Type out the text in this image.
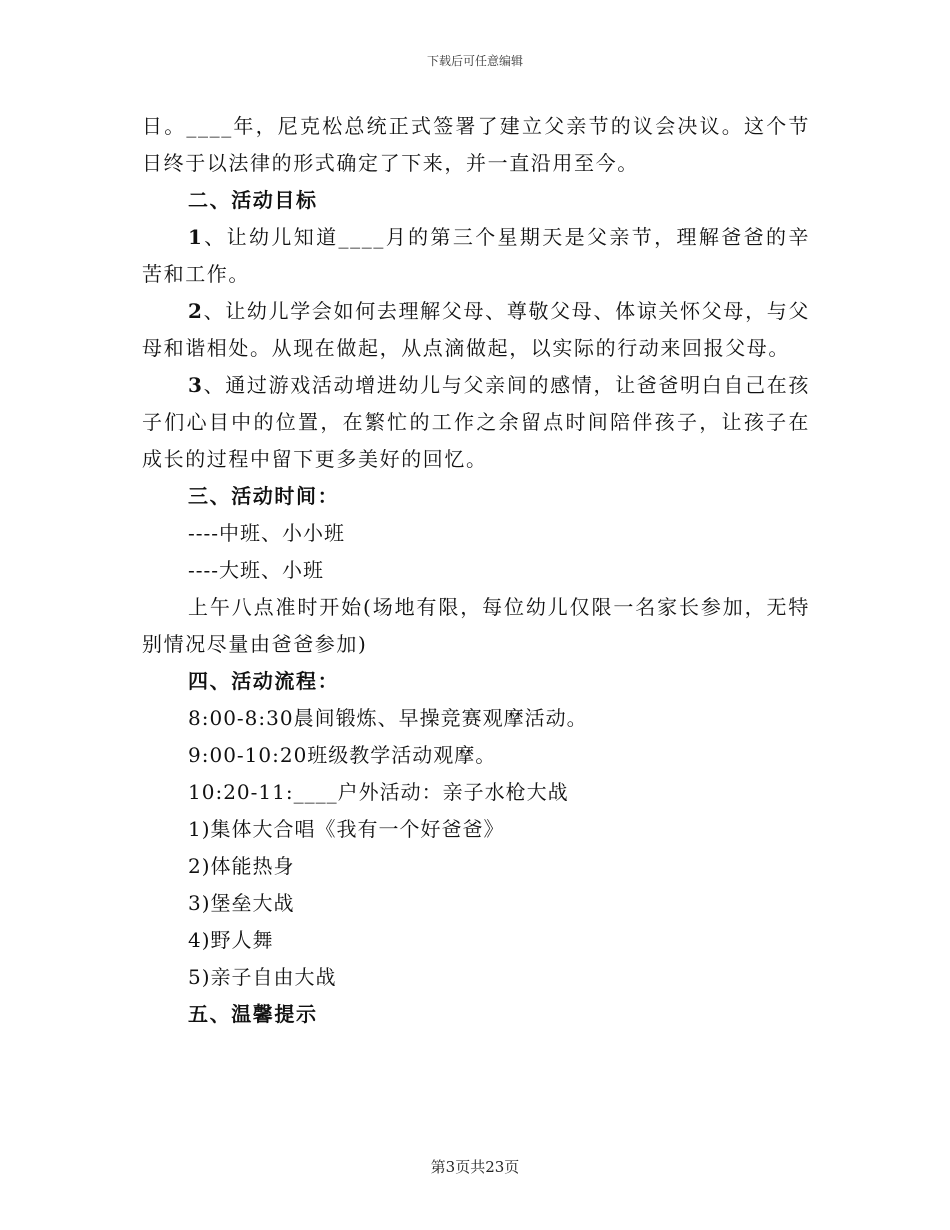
下载后可任意编辑

日。____年，尼克松总统正式签署了建立父亲节的议会决议。这个节日终于以法律的形式确定了下来，并一直沿用至今。

二、活动目标

1、让幼儿知道____月的第三个星期天是父亲节，理解爸爸的辛苦和工作。

2、让幼儿学会如何去理解父母、尊敬父母、体谅关怀父母，与父母和谐相处。从现在做起，从点滴做起，以实际的行动来回报父母。

3、通过游戏活动增进幼儿与父亲间的感情，让爸爸明白自己在孩子们心目中的位置，在繁忙的工作之余留点时间陪伴孩子，让孩子在成长的过程中留下更多美好的回忆。

三、活动时间：

----中班、小小班

----大班、小班

上午八点准时开始(场地有限，每位幼儿仅限一名家长参加，无特别情况尽量由爸爸参加)

四、活动流程：

8:00-8:30晨间锻炼、早操竞赛观摩活动。

9:00-10:20班级教学活动观摩。

10:20-11:____户外活动：亲子水枪大战

1)集体大合唱《我有一个好爸爸》

2)体能热身

3)堡垒大战

4)野人舞

5)亲子自由大战

五、温馨提示

第3页共23页
